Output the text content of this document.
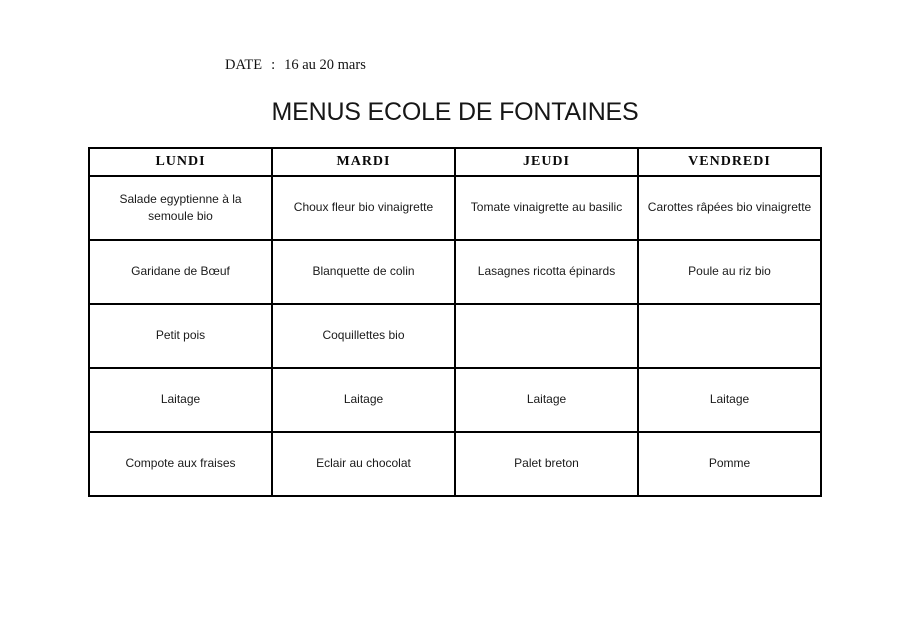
DATE : 16 au 20 mars
MENUS ECOLE DE FONTAINES
LUNDI	MARDI	JEUDI	VENDREDI
Salade egyptienne à la semoule bio	Choux fleur bio vinaigrette	Tomate vinaigrette au basilic	Carottes râpées bio vinaigrette
Garidane de Bœuf	Blanquette de colin	Lasagnes ricotta épinards	Poule au riz bio
Petit pois	Coquillettes bio		
Laitage	Laitage	Laitage	Laitage
Compote aux fraises	Eclair au chocolat	Palet breton	Pomme
